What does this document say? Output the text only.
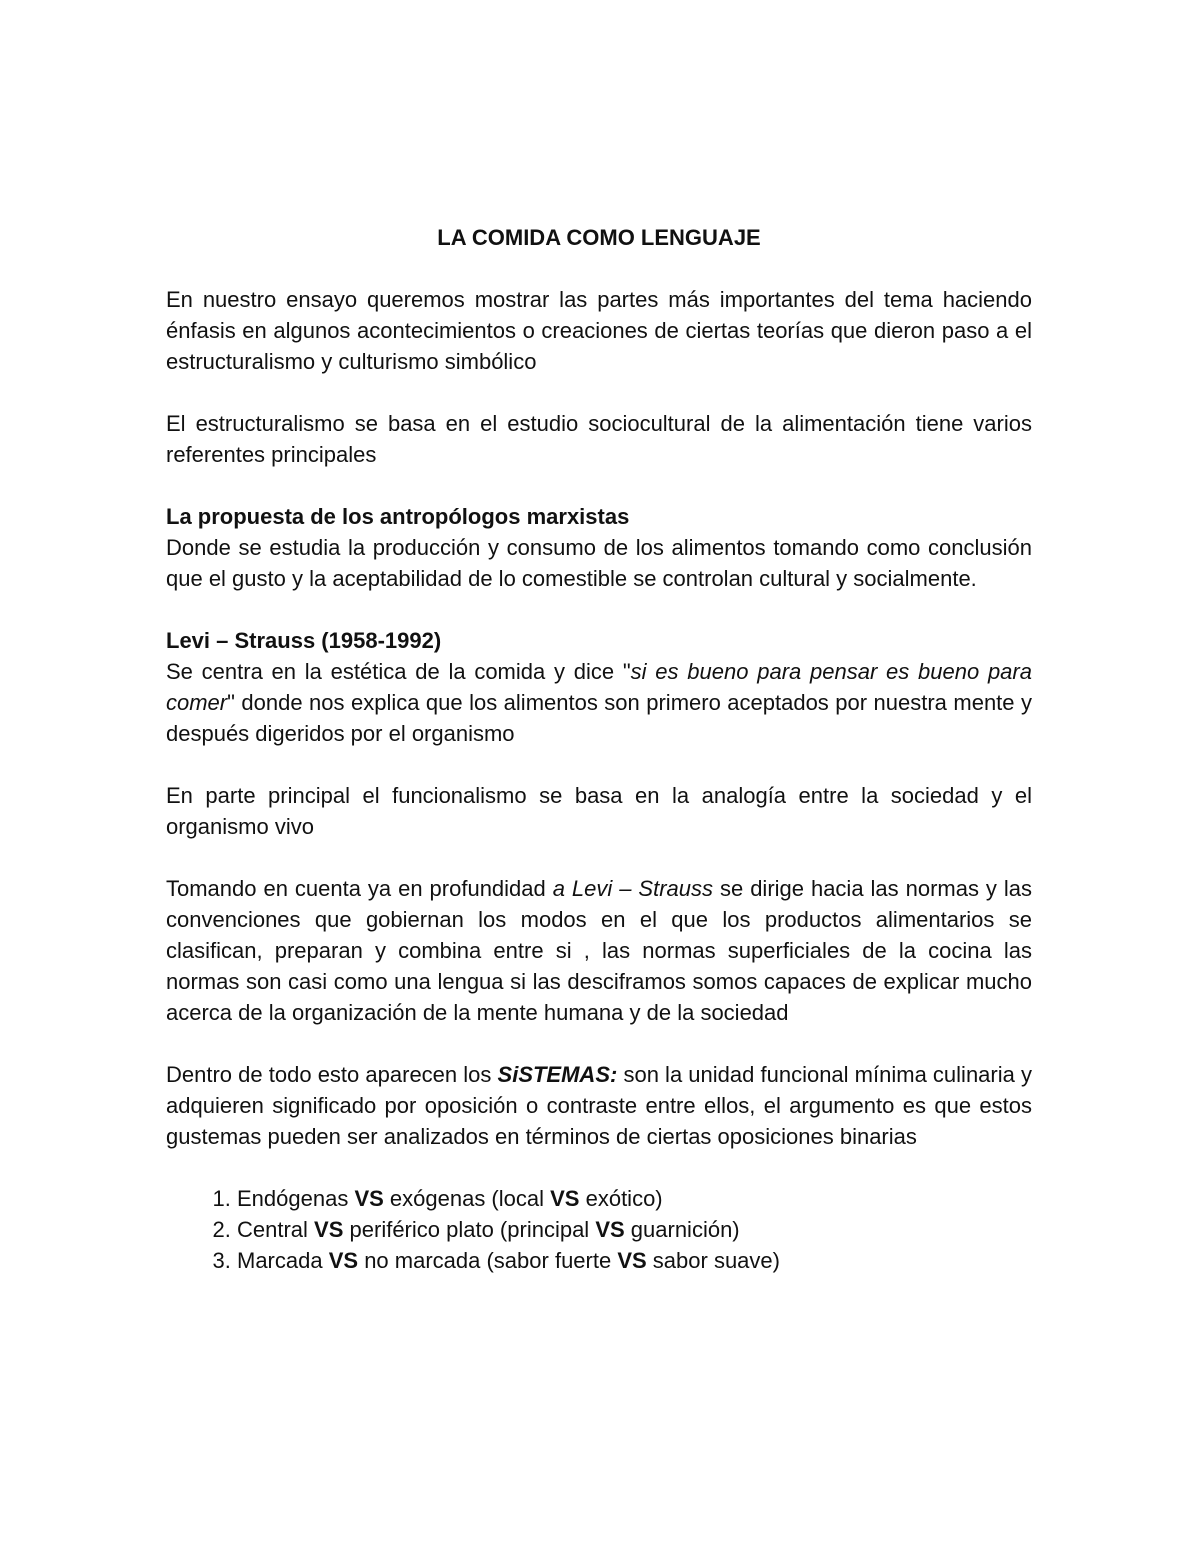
LA COMIDA COMO LENGUAJE

En nuestro ensayo queremos mostrar las partes más importantes del tema haciendo énfasis en algunos acontecimientos o creaciones de ciertas teorías que dieron paso a el estructuralismo y culturismo simbólico

El estructuralismo se basa en el estudio sociocultural de la alimentación tiene varios referentes principales

La propuesta de los antropólogos marxistas

Donde se estudia la producción y consumo de los alimentos tomando como conclusión que el gusto y la aceptabilidad de lo comestible se controlan cultural y socialmente.

Levi – Strauss (1958-1992)

Se centra en la estética de la comida y dice "si es bueno para pensar es bueno para comer" donde nos explica que los alimentos son primero aceptados por nuestra mente y después digeridos por el organismo

En parte principal el funcionalismo se basa en la analogía entre la sociedad y el organismo vivo

Tomando en cuenta ya en profundidad a Levi – Strauss se dirige hacia las normas y las convenciones que gobiernan los modos en el que los productos alimentarios se clasifican, preparan y combina entre si , las normas superficiales de la cocina las normas son casi como una lengua si las desciframos somos capaces de explicar mucho acerca de la organización de la mente humana y de la sociedad

Dentro de todo esto aparecen los SiSTEMAS: son la unidad funcional mínima culinaria y adquieren significado por oposición o contraste entre ellos, el argumento es que estos gustemas pueden ser analizados en términos de ciertas oposiciones binarias

1. Endógenas VS exógenas (local VS exótico)
2. Central VS periférico plato (principal VS guarnición)
3. Marcada VS no marcada (sabor fuerte VS sabor suave)
